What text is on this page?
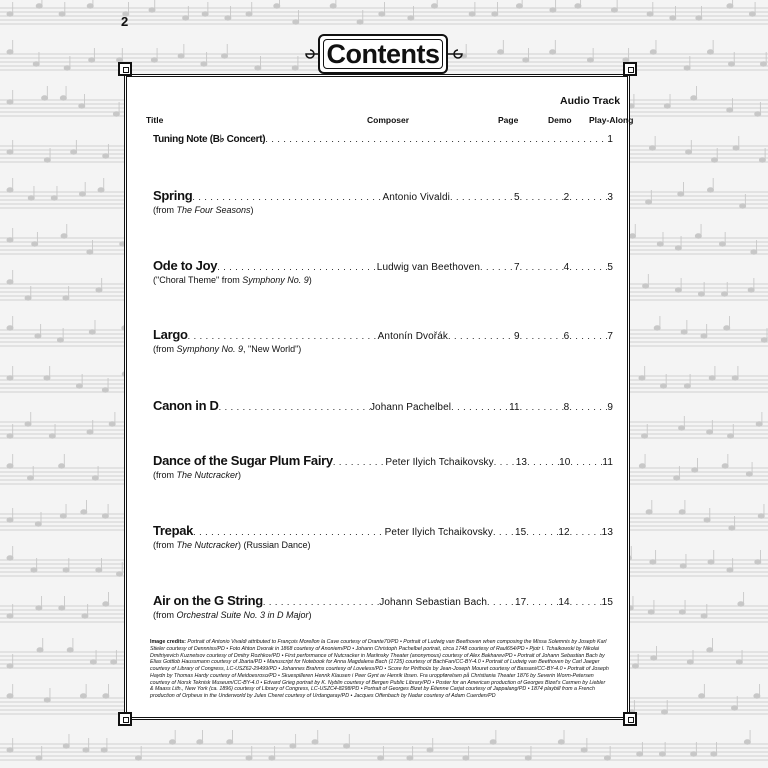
2
Contents
Audio Track
Title	Composer	Page	Demo Play-Along
Tuning Note (B♭ Concert) . . .	1
Spring . . .	Antonio Vivaldi . . .	5 . . .	2 . . .	3
(from The Four Seasons)
Ode to Joy . . .	Ludwig van Beethoven . . .	7 . . .	4 . . .	5
("Choral Theme" from Symphony No. 9)
Largo . . .	Antonín Dvořák . . .	9 . . .	6 . . .	7
(from Symphony No. 9, "New World")
Canon in D . . .	Johann Pachelbel . . .	11 . . .	8 . . .	9
Dance of the Sugar Plum Fairy . . .	Peter Ilyich Tchaikovsky . . . 13 . . .	10 . . .	11
(from The Nutcracker)
Trepak . . .	Peter Ilyich Tchaikovsky . . . 15 . . .	12 . . .	13
(from The Nutcracker) (Russian Dance)
Air on the G String . . .	Johann Sebastian Bach . . .	17 . . .	14 . . .	15
(from Orchestral Suite No. 3 in D Major)
Image credits: Portrait of Antonio Vivaldi attributed to François Morellon la Cave courtesy of Drante70/PD • Portrait of Ludwig van Beethoven when composing the Missa Solemnis by Joseph Karl Stieler courtesy of Dennniss/PD • Foto Ahton Dvorak in 1868 courtesy of Anoniem/PD • Johann Christoph Pachelbel portrait, circa 1748 courtesy of Raul654/PD • Pjotr I. Tchaikowski by Nikolai Dmitriyevich Kuznetsov courtesy of Dmitry Rozhkov/PD • First performance of Nutcracker in Mariinsky Theater (anonymous) courtesy of Alex Bakharev/PD • Portrait of Johann Sebastian Bach by Elias Gottlob Haussmann courtesy of Jbarta/PD • Manuscript for Notebook for Anna Magdalena Bach (1725) courtesy of BachFan/CC-BY-4.0 • Portrait of Ludwig van Beethoven by Carl Jaeger courtesy of Library of Congress, LC-USZ62-29499/PD • Johannes Brahms courtesy of Loveless/PD • Score for Pirithoüs by Jean-Joseph Mouret courtesy of Bassani/CC-BY-4.0 • Portrait of Joseph Haydn by Thomas Hardy courtesy of Meidoesroso/PD • Skuespilleren Henrik Klausen i Peer Gynt av Henrik Ibsen. Fra uroppførelsen på Christiania Theater 1876 by Severin Worm-Petersen courtesy of Norsk Teknisk Museum/CC-BY-4.0 • Edvard Grieg portrait by K. Nyblin courtesy of Bergen Public Library/PD • Poster for an American production of Georges Bizet's Carmen by Liebler & Maass Lith., New York (ca. 1896) courtesy of Library of Congress, LC-USZC4-8298/PD • Portrait of Georges Bizet by Étienne Carjat courtesy of Jappalang/PD • 1874 playbill from a French production of Orpheus in the Underworld by Jules Cheret courtesy of Urdangaray/PD • Jacques Offenbach by Nadar courtesy of Adam Cuerden/PD
